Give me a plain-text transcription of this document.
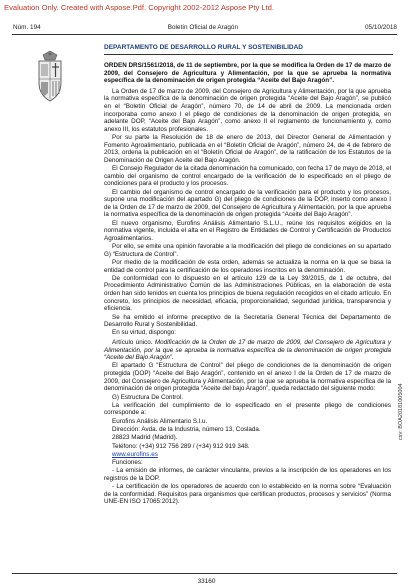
Evaluation Only. Created with Aspose.Pdf. Copyright 2002-2012 Aspose Pty Ltd.
Núm. 194	Boletín Oficial de Aragón	05/10/2018
DEPARTAMENTO DE DESARROLLO RURAL Y SOSTENIBILIDAD

ORDEN DRS/1561/2018, de 11 de septiembre, por la que se modifica la Orden de 17 de marzo de 2009, del Consejero de Agricultura y Alimentación, por la que se aprueba la normativa específica de la denominación de origen protegida “Aceite del Bajo Aragón”.

La Orden de 17 de marzo de 2009, del Consejero de Agricultura y Alimentación, por la que aprueba la normativa específica de la denominación de origen protegida “Aceite del Bajo Aragón”, se publicó en el “Boletín Oficial de Aragón”, número 70, de 14 de abril de 2009. La mencionada orden incorporaba como anexo I el pliego de condiciones de la denominación de origen protegida, en adelante DOP, “Aceite del Bajo Aragón”, como anexo II el reglamento de funcionamiento y, como anexo III, los estatutos profesionales.

Por su parte la Resolución de 18 de enero de 2013, del Director General de Alimentación y Fomento Agroalimentario, publicada en el “Boletín Oficial de Aragón”, número 24, de 4 de febrero de 2013, ordena la publicación en el “Boletín Oficial de Aragón”, de la ratificación de los Estatutos de la Denominación de Origen Aceite del Bajo Aragón.

El Consejo Regulador de la citada denominación ha comunicado, con fecha 17 de mayo de 2018, el cambio del organismo de control encargado de la verificación de lo especificado en el pliego de condiciones para el producto y los procesos.

El cambio del organismo de control encargado de la verificación para el producto y los procesos, supone una modificación del apartado G) del pliego de condiciones de la DOP, inserto como anexo I de la Orden de 17 de marzo de 2009, del Consejero de Agricultura y Alimentación, por la que aprueba la normativa específica de la denominación de origen protegida “Aceite del Bajo Aragón”.

El nuevo organismo, Eurofins Análisis Alimentario S.L.U., reúne los requisitos exigidos en la normativa vigente, incluida el alta en el Registro de Entidades de Control y Certificación de Productos Agroalimentarios.

Por ello, se emite una opinión favorable a la modificación del pliego de condiciones en su apartado G) “Estructura de Control”.

Por medio de la modificación de esta orden, además se actualiza la norma en la que se basa la entidad de control para la certificación de los operadores inscritos en la denominación.

De conformidad con lo dispuesto en el artículo 129 de la Ley 39/2015, de 1 de octubre, del Procedimiento Administrativo Común de las Administraciones Públicas, en la elaboración de esta orden han sido tenidos en cuenta los principios de buena regulación recogidos en el citado artículo. En concreto, los principios de necesidad, eficacia, proporcionalidad, seguridad jurídica, transparencia y eficiencia.

Se ha emitido el informe preceptivo de la Secretaría General Técnica del Departamento de Desarrollo Rural y Sostenibilidad.

En su virtud, dispongo:

Artículo único. Modificación de la Orden de 17 de marzo de 2009, del Consejero de Agricultura y Alimentación, por la que se aprueba la normativa específica de la denominación de origen protegida “Aceite del Bajo Aragón”.

El apartado G “Estructura de Control” del pliego de condiciones de la denominación de origen protegida (DOP) “Aceite del Bajo Aragón”, contenido en el anexo I de la Orden de 17 de marzo de 2009, del Consejero de Agricultura y Alimentación, por la que se aprueba la normativa específica de la denominación de origen protegida “Aceite del bajo Aragón”, queda redactado del siguiente modo:

G) Estructura De Control.

La verificación del cumplimiento de lo especificado en el presente pliego de condiciones corresponde a:

Eurofins Análisis Alimentario S.l.u.

Dirección: Avda. de la Industria, número 13, Coslada.

28823 Madrid (Madrid).

Teléfono: (+34) 912 756 289 / (+34) 912 919 348.

www.eurofins.es

Funciones:

- La emisión de informes, de carácter vinculante, previos a la inscripción de los operadores en los registros de la DOP.

- La certificación de los operadores de acuerdo con lo establecido en la norma sobre “Evaluación de la conformidad. Requisitos para organismos que certifican productos, procesos y servicios” (Norma UNE-EN ISO 17065:2012).

33160
csv: BOA20181005004
